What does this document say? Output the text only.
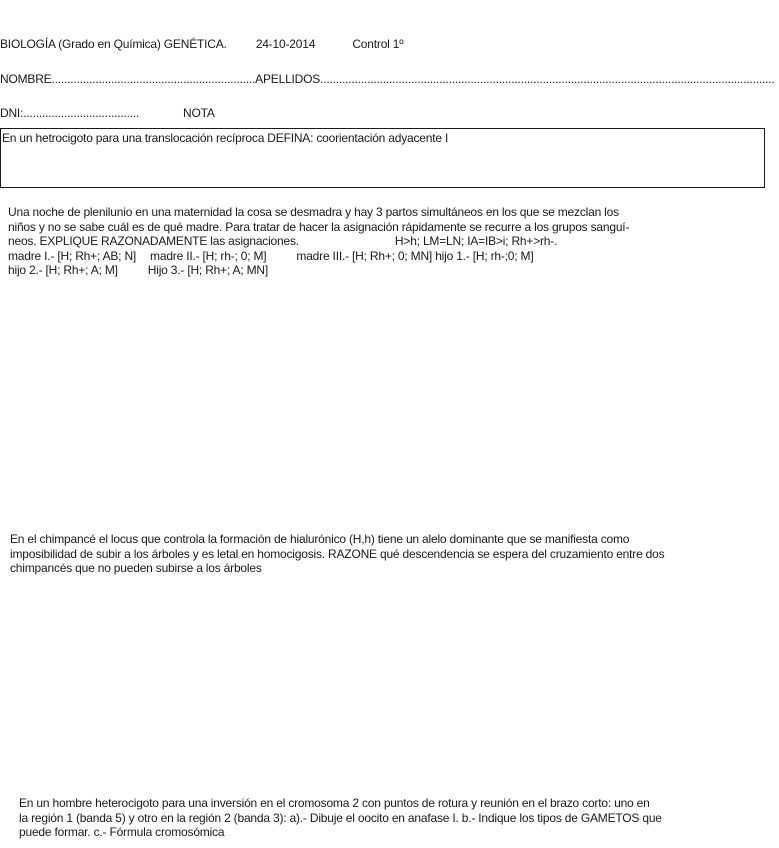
BIOLOGÍA (Grado en Química) GENÉTICA. 24-10-2014	Control 1º
NOMBRE.................................................................APELLIDOS.................................................................................................................................................
DNI:.....................................	NOTA
En un hetrocigoto para una translocación recíproca DEFINA: coorientación adyacente I
Una noche de plenilunio en una maternidad la cosa se desmadra y hay 3 partos simultáneos en los que se mezclan los
niños y no se sabe cuál es de qué madre. Para tratar de hacer la asignación rápidamente se recurre a los grupos sanguí-
neos. EXPLIQUE RAZONADAMENTE las asignaciones.	H>h; LM=LN; IA=IB>i; Rh+>rh-.
madre I.- [H; Rh+; AB; N] madre II.- [H; rh-; 0; M]	madre III.- [H; Rh+; 0; MN] hijo 1.- [H; rh-;0; M]
hijo 2.- [H; Rh+; A; M]	Hijo 3.- [H; Rh+; A; MN]
En el chimpancé el locus que controla la formación de hialurónico (H,h) tiene un alelo dominante que se manifiesta como
imposibilidad de subir a los árboles y es letal en homocigosis. RAZONE qué descendencia se espera del cruzamiento entre dos
chimpancés que no pueden subirse a los árboles
En un hombre heterocigoto para una inversión en el cromosoma 2 con puntos de rotura y reunión en el brazo corto: uno en
la región 1 (banda 5) y otro en la región 2 (banda 3): a).- Dibuje el oocito en anafase I. b.- Indique los tipos de GAMETOS que
puede formar. c.- Fórmula cromosómica
